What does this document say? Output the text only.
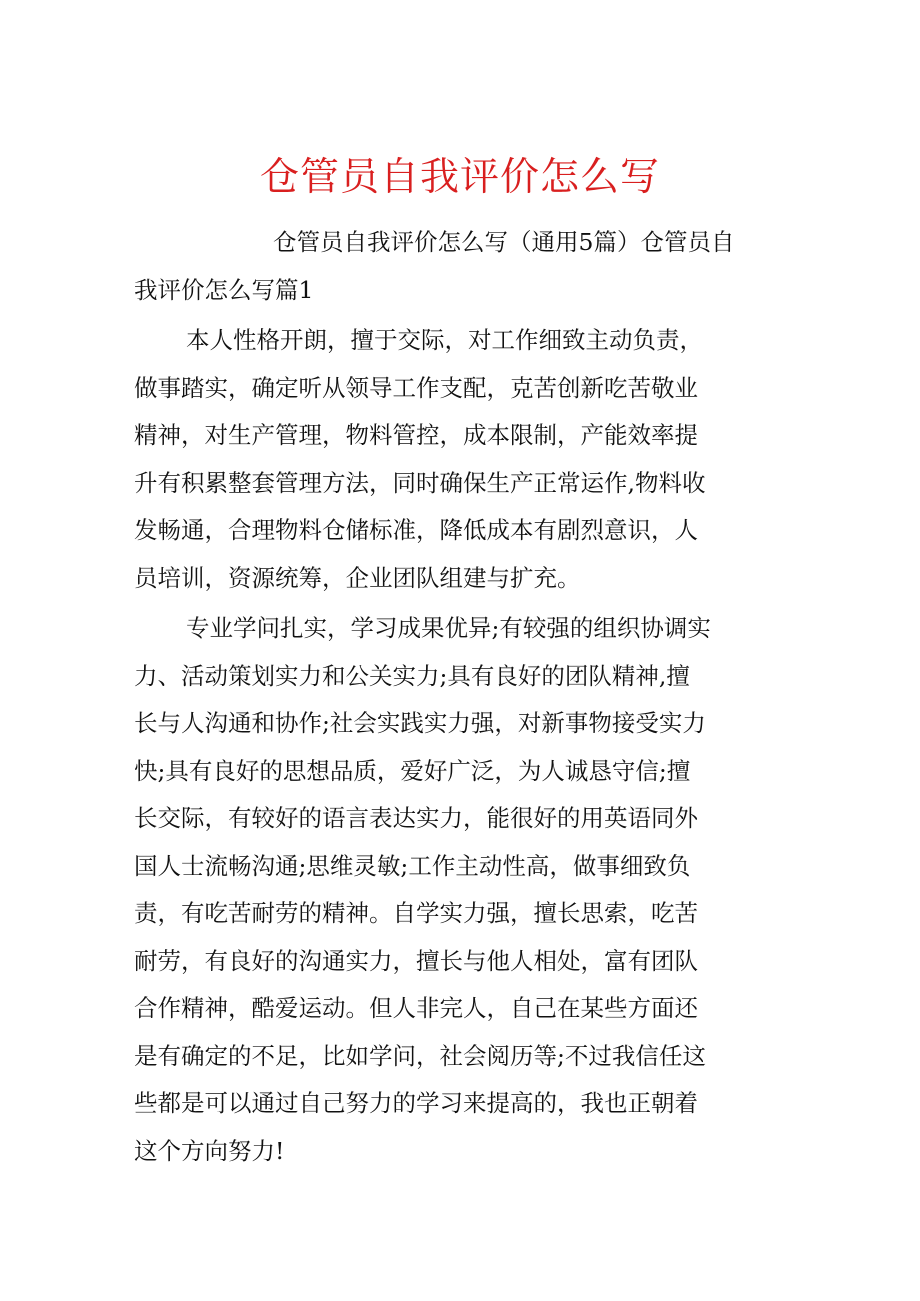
仓管员自我评价怎么写
仓管员自我评价怎么写（通用5篇）仓管员自
我评价怎么写篇1
本人性格开朗，擅于交际，对工作细致主动负责，
做事踏实，确定听从领导工作支配，克苦创新吃苦敬业
精神，对生产管理，物料管控，成本限制，产能效率提
升有积累整套管理方法，同时确保生产正常运作,物料收
发畅通，合理物料仓储标准，降低成本有剧烈意识，人
员培训，资源统筹，企业团队组建与扩充。
专业学问扎实，学习成果优异;有较强的组织协调实
力、活动策划实力和公关实力;具有良好的团队精神,擅
长与人沟通和协作;社会实践实力强，对新事物接受实力
快;具有良好的思想品质，爱好广泛，为人诚恳守信;擅
长交际，有较好的语言表达实力，能很好的用英语同外
国人士流畅沟通;思维灵敏;工作主动性高，做事细致负
责，有吃苦耐劳的精神。自学实力强，擅长思索，吃苦
耐劳，有良好的沟通实力，擅长与他人相处，富有团队
合作精神，酷爱运动。但人非完人，自己在某些方面还
是有确定的不足，比如学问，社会阅历等;不过我信任这
些都是可以通过自己努力的学习来提高的，我也正朝着
这个方向努力!
